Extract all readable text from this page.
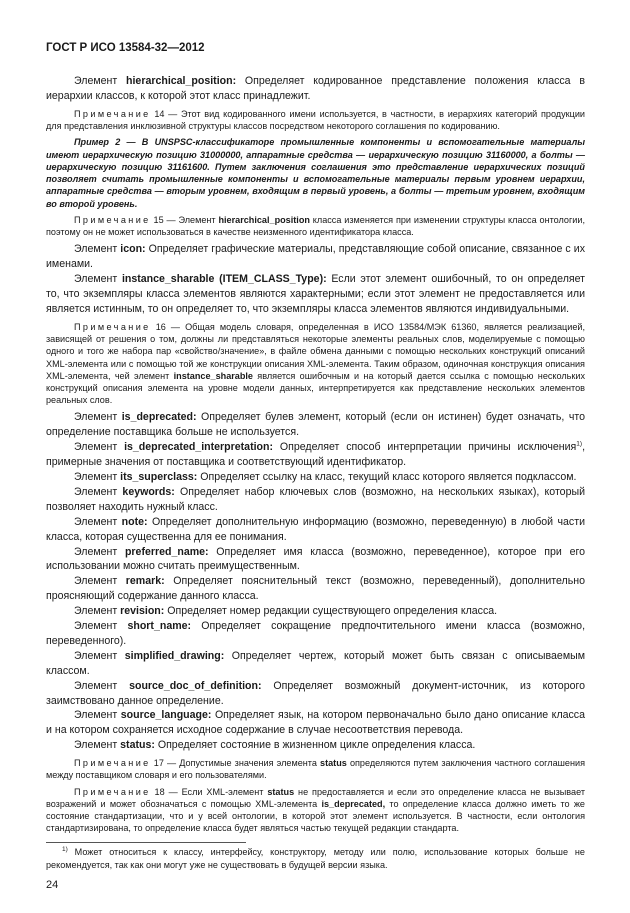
ГОСТ Р ИСО 13584-32—2012

Элемент hierarchical_position: Определяет кодированное представление положения класса в иерархии классов, к которой этот класс принадлежит.

Примечание 14 — Этот вид кодированного имени используется, в частности, в иерархиях категорий продукции для представления инклюзивной структуры классов посредством некоторого соглашения по кодированию.

Пример 2 — В UNSPSC-классификаторе промышленные компоненты и вспомогательные материалы имеют иерархическую позицию 31000000, аппаратные средства — иерархическую позицию 31160000, а болты — иерархическую позицию 31161600. Путем заключения соглашения это представление иерархических позиций позволяет считать промышленные компоненты и вспомогательные материалы первым уровнем иерархии, аппаратные средства — вторым уровнем, входящим в первый уровень, а болты — третьим уровнем, входящим во второй уровень.

Примечание 15 — Элемент hierarchical_position класса изменяется при изменении структуры класса онтологии, поэтому он не может использоваться в качестве неизменного идентификатора класса.

Элемент icon: Определяет графические материалы, представляющие собой описание, связанное с их именами.

Элемент instance_sharable (ITEM_CLASS_Type): Если этот элемент ошибочный, то он определяет то, что экземпляры класса элементов являются характерными; если этот элемент не предоставляется или является истинным, то он определяет то, что экземпляры класса элементов являются индивидуальными.

Примечание 16 — Общая модель словаря, определенная в ИСО 13584/МЭК 61360, является реализацией, зависящей от решения о том, должны ли представляться некоторые элементы реальных слов, моделируемые с помощью одного и того же набора пар «свойство/значение», в файле обмена данными с помощью нескольких конструкций описаний XML-элемента или с помощью той же конструкции описания XML-элемента. Таким образом, одиночная конструкция описания XML-элемента, чей элемент instance_sharable является ошибочным и на который дается ссылка с помощью нескольких конструкций описания элемента на уровне модели данных, интерпретируется как представление нескольких элементов реальных слов.

Элемент is_deprecated: Определяет булев элемент, который (если он истинен) будет означать, что определение поставщика больше не используется.

Элемент is_deprecated_interpretation: Определяет способ интерпретации причины исключения$^{1)}$, примерные значения от поставщика и соответствующий идентификатор.

Элемент its_superclass: Определяет ссылку на класс, текущий класс которого является подклассом.

Элемент keywords: Определяет набор ключевых слов (возможно, на нескольких языках), который позволяет находить нужный класс.

Элемент note: Определяет дополнительную информацию (возможно, переведенную) в любой части класса, которая существенна для ее понимания.

Элемент preferred_name: Определяет имя класса (возможно, переведенное), которое при его использовании можно считать преимущественным.

Элемент remark: Определяет пояснительный текст (возможно, переведенный), дополнительно проясняющий содержание данного класса.

Элемент revision: Определяет номер редакции существующего определения класса.

Элемент short_name: Определяет сокращение предпочтительного имени класса (возможно, переведенного).

Элемент simplified_drawing: Определяет чертеж, который может быть связан с описываемым классом.

Элемент source_doc_of_definition: Определяет возможный документ-источник, из которого заимствовано данное определение.

Элемент source_language: Определяет язык, на котором первоначально было дано описание класса и на котором сохраняется исходное содержание в случае несоответствия перевода.

Элемент status: Определяет состояние в жизненном цикле определения класса.

Примечание 17 — Допустимые значения элемента status определяются путем заключения частного соглашения между поставщиком словаря и его пользователями.

Примечание 18 — Если XML-элемент status не предоставляется и если это определение класса не вызывает возражений и может обозначаться с помощью XML-элемента is_deprecated, то определение класса должно иметь то же состояние стандартизации, что и у всей онтологии, в которой этот элемент используется. В частности, если онтология стандартизирована, то определение класса будет являться частью текущей редакции стандарта.

$^{1)}$ Может относиться к классу, интерфейсу, конструктору, методу или полю, использование которых больше не рекомендуется, так как они могут уже не существовать в будущей версии языка.

24
